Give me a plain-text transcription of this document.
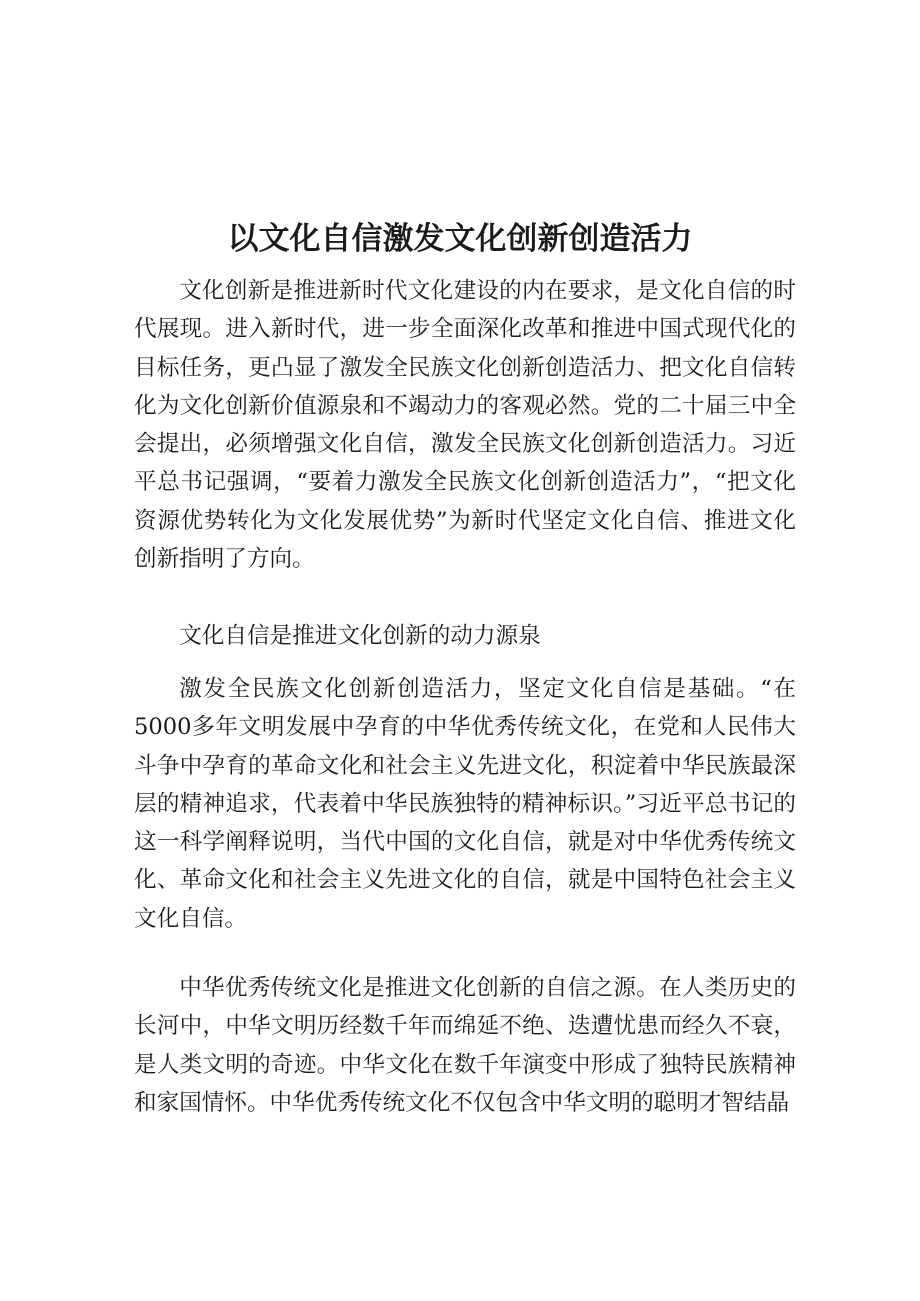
以文化自信激发文化创新创造活力

文化创新是推进新时代文化建设的内在要求，是文化自信的时代展现。进入新时代，进一步全面深化改革和推进中国式现代化的目标任务，更凸显了激发全民族文化创新创造活力、把文化自信转化为文化创新价值源泉和不竭动力的客观必然。党的二十届三中全会提出，必须增强文化自信，激发全民族文化创新创造活力。习近平总书记强调，“要着力激发全民族文化创新创造活力”，“把文化资源优势转化为文化发展优势”为新时代坚定文化自信、推进文化创新指明了方向。

文化自信是推进文化创新的动力源泉

激发全民族文化创新创造活力，坚定文化自信是基础。“在5000多年文明发展中孕育的中华优秀传统文化，在党和人民伟大斗争中孕育的革命文化和社会主义先进文化，积淀着中华民族最深层的精神追求，代表着中华民族独特的精神标识。”习近平总书记的这一科学阐释说明，当代中国的文化自信，就是对中华优秀传统文化、革命文化和社会主义先进文化的自信，就是中国特色社会主义文化自信。

中华优秀传统文化是推进文化创新的自信之源。在人类历史的长河中，中华文明历经数千年而绵延不绝、迭遭忧患而经久不衰，是人类文明的奇迹。中华文化在数千年演变中形成了独特民族精神和家国情怀。中华优秀传统文化不仅包含中华文明的聪明才智结晶
